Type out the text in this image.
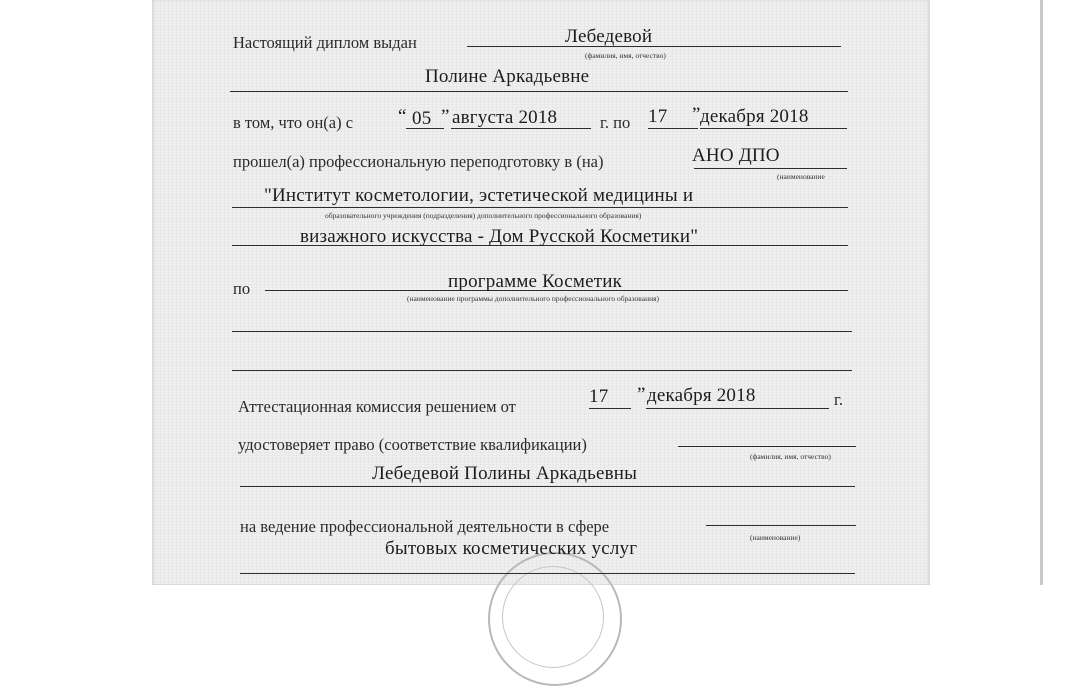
Настоящий диплом выдан	Лебедевой
(фамилия, имя, отчество)
Полине Аркадьевне
в том, что он(а) с “ 05 ” августа 2018	г. по 17 ” декабря 2018
прошел(а) профессиональную переподготовку в (на)	АНО ДПО
(наименование
"Институт косметологии, эстетической медицины и
образовательного учреждения (подразделения) дополнительного профессионального образования)
визажного искусства - Дом Русской Косметики"
по	программе Косметик
(наименование программы дополнительного профессионального образования)
Аттестационная комиссия решением от	17 ” декабря 2018	г.
удостоверяет право (соответствие квалификации)
(фамилия, имя, отчество)
Лебедевой Полины Аркадьевны
на ведение профессиональной деятельности в сфере
(наименование)
бытовых косметических услуг
